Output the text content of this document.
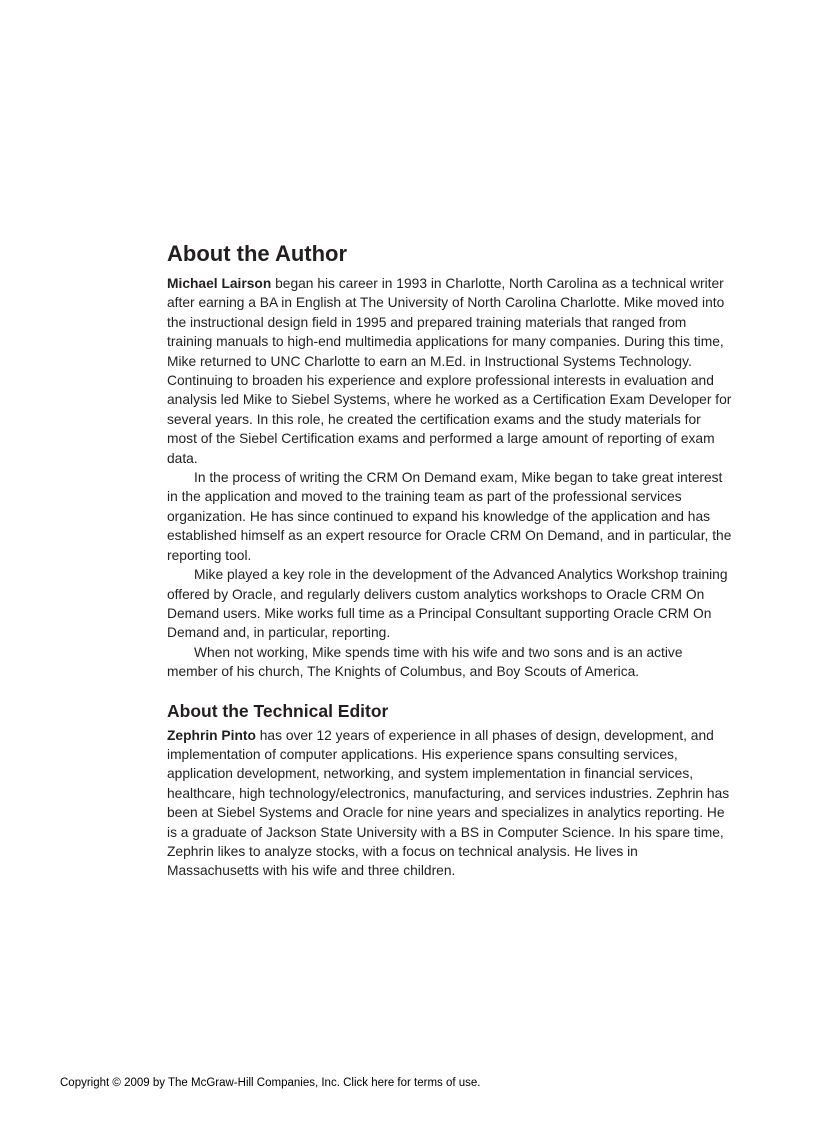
About the Author

Michael Lairson began his career in 1993 in Charlotte, North Carolina as a technical writer after earning a BA in English at The University of North Carolina Charlotte. Mike moved into the instructional design field in 1995 and prepared training materials that ranged from training manuals to high-end multimedia applications for many companies. During this time, Mike returned to UNC Charlotte to earn an M.Ed. in Instructional Systems Technology. Continuing to broaden his experience and explore professional interests in evaluation and analysis led Mike to Siebel Systems, where he worked as a Certification Exam Developer for several years. In this role, he created the certification exams and the study materials for most of the Siebel Certification exams and performed a large amount of reporting of exam data.

In the process of writing the CRM On Demand exam, Mike began to take great interest in the application and moved to the training team as part of the professional services organization. He has since continued to expand his knowledge of the application and has established himself as an expert resource for Oracle CRM On Demand, and in particular, the reporting tool.

Mike played a key role in the development of the Advanced Analytics Workshop training offered by Oracle, and regularly delivers custom analytics workshops to Oracle CRM On Demand users. Mike works full time as a Principal Consultant supporting Oracle CRM On Demand and, in particular, reporting.

When not working, Mike spends time with his wife and two sons and is an active member of his church, The Knights of Columbus, and Boy Scouts of America.

About the Technical Editor

Zephrin Pinto has over 12 years of experience in all phases of design, development, and implementation of computer applications. His experience spans consulting services, application development, networking, and system implementation in financial services, healthcare, high technology/electronics, manufacturing, and services industries. Zephrin has been at Siebel Systems and Oracle for nine years and specializes in analytics reporting. He is a graduate of Jackson State University with a BS in Computer Science. In his spare time, Zephrin likes to analyze stocks, with a focus on technical analysis. He lives in Massachusetts with his wife and three children.

Copyright © 2009 by The McGraw-Hill Companies, Inc. Click here for terms of use.
